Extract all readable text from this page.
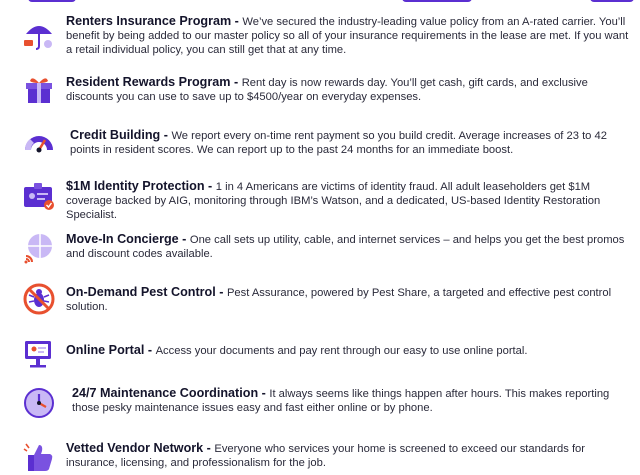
Renters Insurance Program - We’ve secured the industry-leading value policy from an A-rated carrier. You’ll benefit by being added to our master policy so all of your insurance requirements in the lease are met. If you want a retail individual policy, you can still get that at any time.
Resident Rewards Program - Rent day is now rewards day. You’ll get cash, gift cards, and exclusive discounts you can use to save up to $4500/year on everyday expenses.
Credit Building - We report every on-time rent payment so you build credit. Average increases of 23 to 42 points in resident scores. We can report up to the past 24 months for an immediate boost.
$1M Identity Protection - 1 in 4 Americans are victims of identity fraud. All adult leaseholders get $1M coverage backed by AIG, monitoring through IBM’s Watson, and a dedicated, US-based Identity Restoration Specialist.
Move-In Concierge - One call sets up utility, cable, and internet services – and helps you get the best promos and discount codes available.
On-Demand Pest Control - Pest Assurance, powered by Pest Share, a targeted and effective pest control solution.
Online Portal - Access your documents and pay rent through our easy to use online portal.
24/7 Maintenance Coordination - It always seems like things happen after hours. This makes reporting those pesky maintenance issues easy and fast either online or by phone.
Vetted Vendor Network - Everyone who services your home is screened to exceed our standards for insurance, licensing, and professionalism for the job.
